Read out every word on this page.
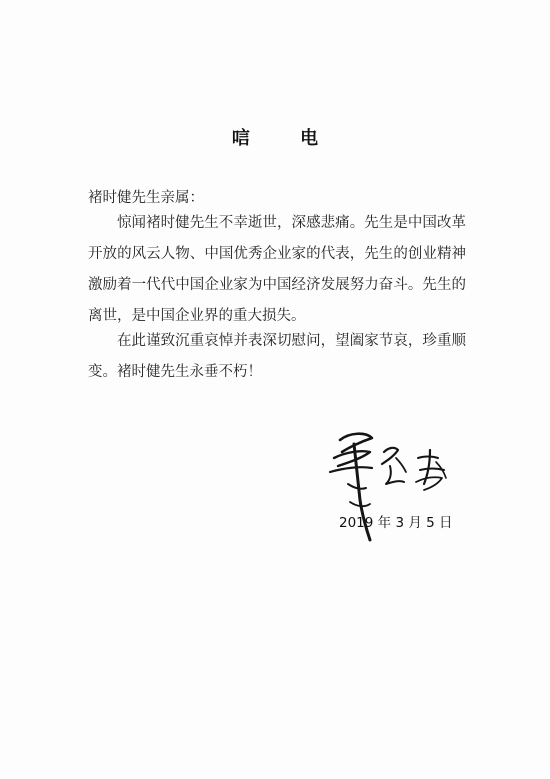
唁 电
褚时健先生亲属：

惊闻褚时健先生不幸逝世，深感悲痛。先生是中国改革开放的风云人物、中国优秀企业家的代表，先生的创业精神激励着一代代中国企业家为中国经济发展努力奋斗。先生的离世，是中国企业界的重大损失。

在此谨致沉重哀悼并表深切慰问，望阖家节哀，珍重顺变。 褚时健先生永垂不朽！

2019 年 3 月 5 日
